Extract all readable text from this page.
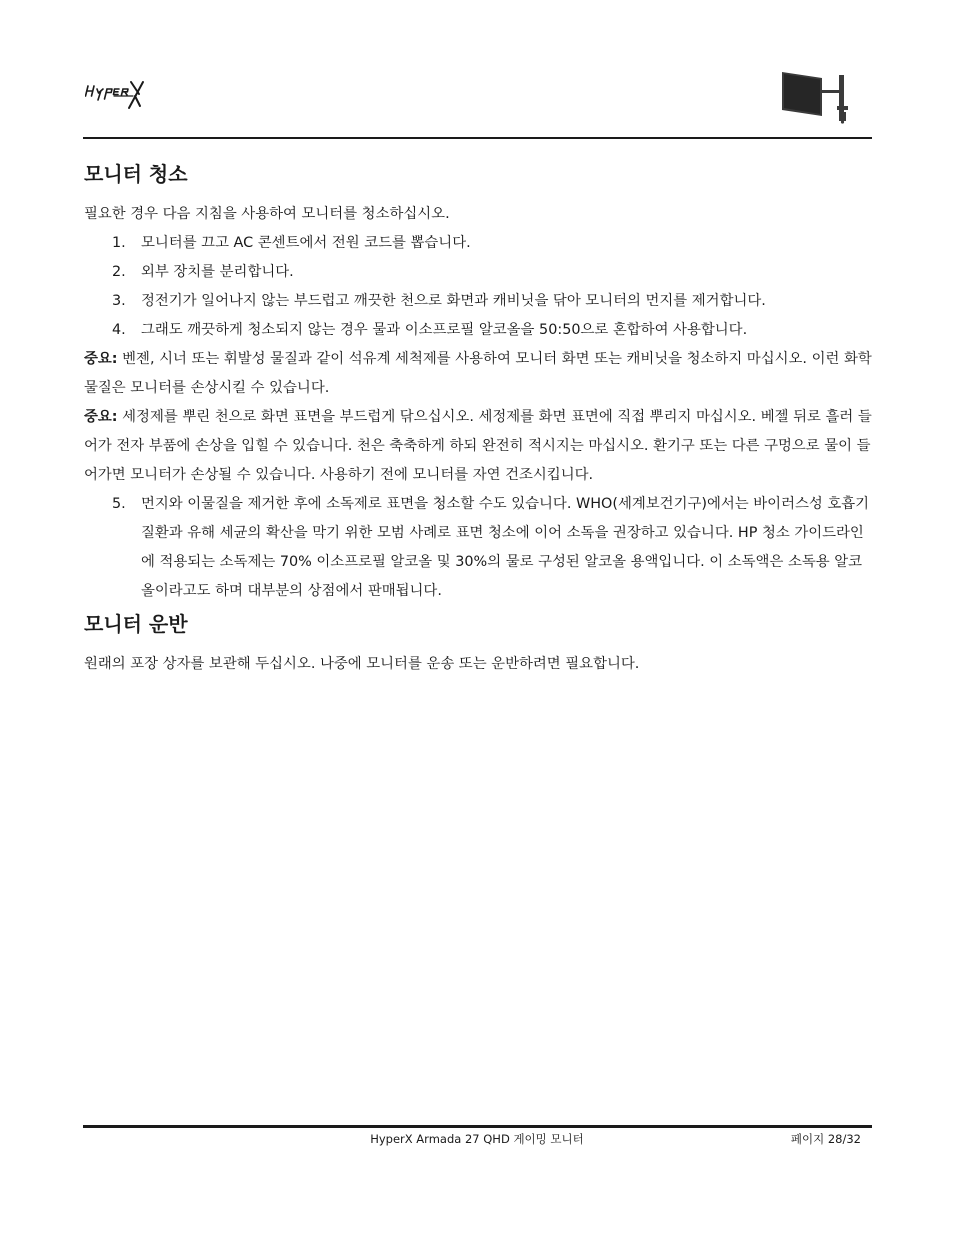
모니터 청소

필요한 경우 다음 지침을 사용하여 모니터를 청소하십시오.

1. 모니터를 끄고 AC 콘센트에서 전원 코드를 뽑습니다.
2. 외부 장치를 분리합니다.
3. 정전기가 일어나지 않는 부드럽고 깨끗한 천으로 화면과 캐비닛을 닦아 모니터의 먼지를 제거합니다.
4. 그래도 깨끗하게 청소되지 않는 경우 물과 이소프로필 알코올을 50:50으로 혼합하여 사용합니다.

중요: 벤젠, 시너 또는 휘발성 물질과 같이 석유계 세척제를 사용하여 모니터 화면 또는 캐비닛을 청소하지 마십시오. 이런 화학 물질은 모니터를 손상시킬 수 있습니다.

중요: 세정제를 뿌린 천으로 화면 표면을 부드럽게 닦으십시오. 세정제를 화면 표면에 직접 뿌리지 마십시오. 베젤 뒤로 흘러 들어가 전자 부품에 손상을 입힐 수 있습니다. 천은 축축하게 하되 완전히 적시지는 마십시오. 환기구 또는 다른 구멍으로 물이 들어가면 모니터가 손상될 수 있습니다. 사용하기 전에 모니터를 자연 건조시킵니다.

5. 먼지와 이물질을 제거한 후에 소독제로 표면을 청소할 수도 있습니다. WHO(세계보건기구)에서는 바이러스성 호흡기 질환과 유해 세균의 확산을 막기 위한 모범 사례로 표면 청소에 이어 소독을 권장하고 있습니다. HP 청소 가이드라인에 적용되는 소독제는 70% 이소프로필 알코올 및 30%의 물로 구성된 알코올 용액입니다. 이 소독액은 소독용 알코올이라고도 하며 대부분의 상점에서 판매됩니다.
모니터 운반

원래의 포장 상자를 보관해 두십시오. 나중에 모니터를 운송 또는 운반하려면 필요합니다.

HyperX Armada 27 QHD 게이밍 모니터	페이지 28/32
